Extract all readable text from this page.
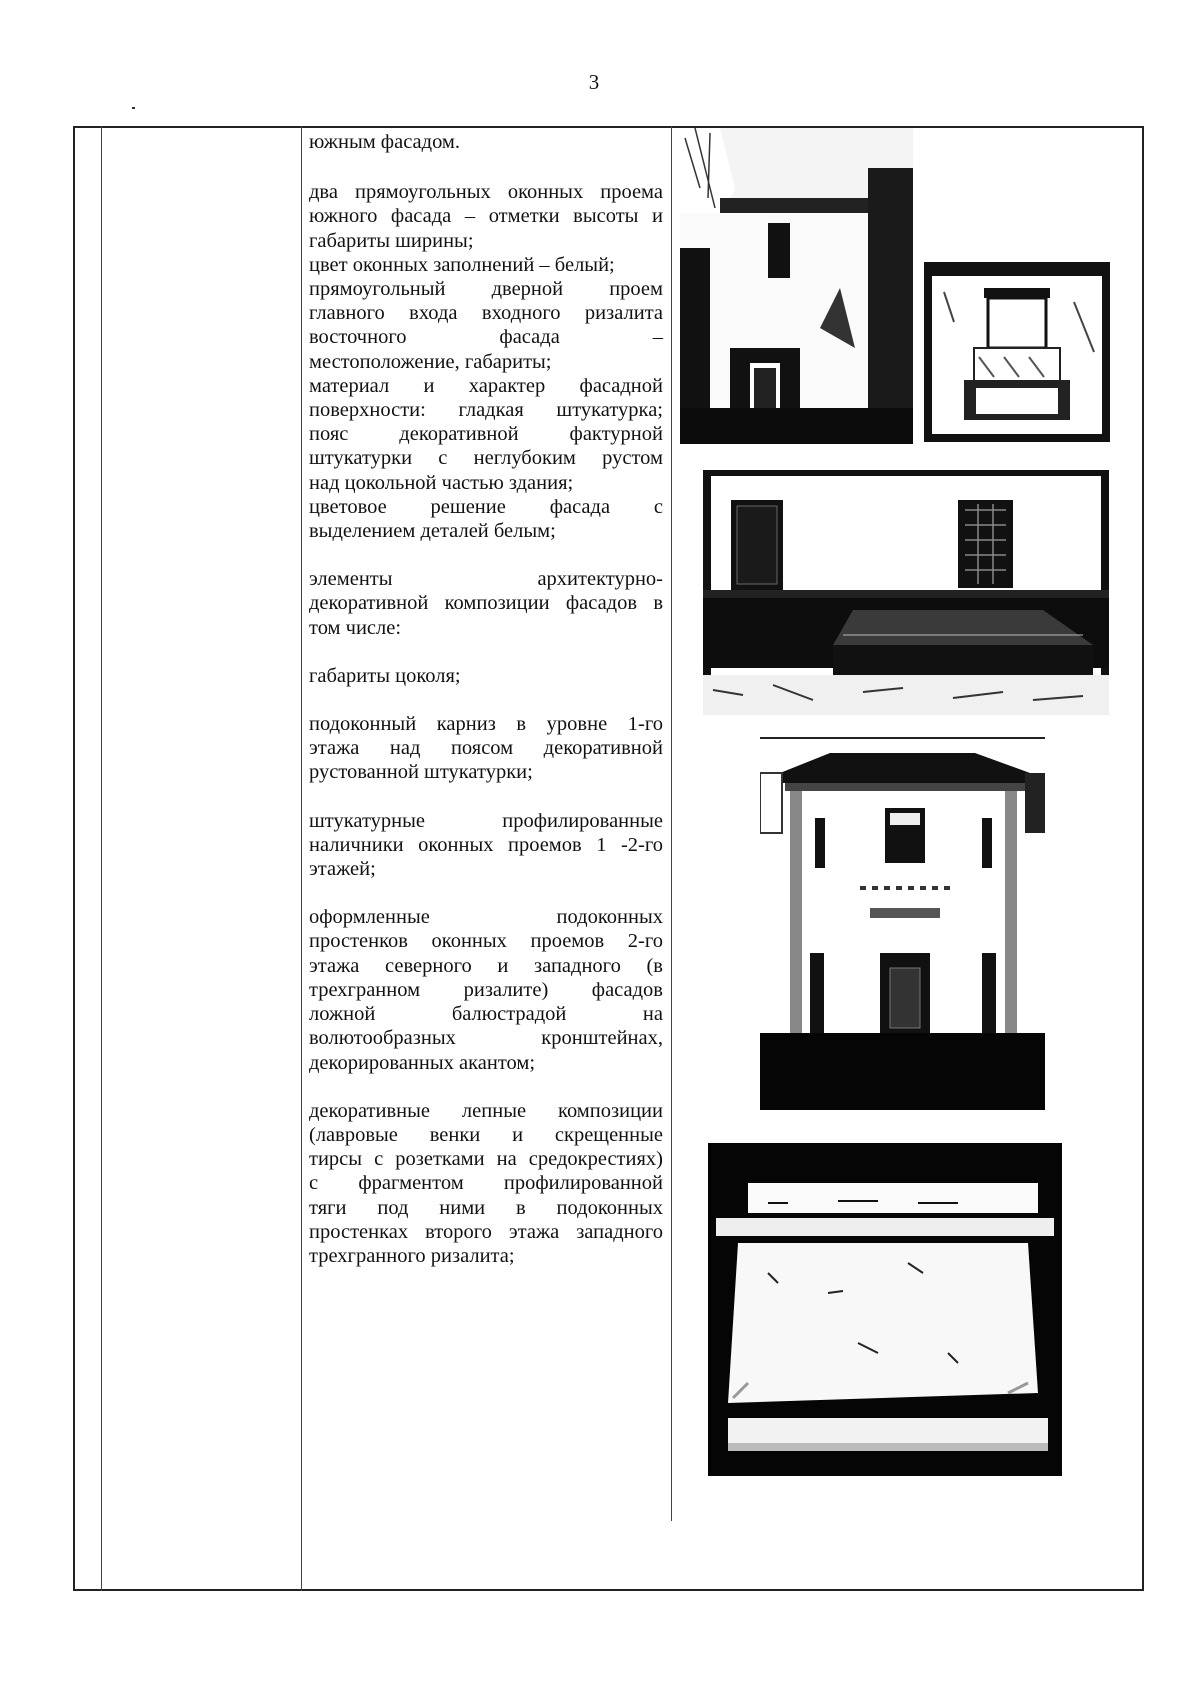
3
южным фасадом.
два прямоугольных оконных проема
южного фасада – отметки высоты и
габариты ширины;
цвет оконных заполнений – белый;
прямоугольный дверной проем
главного входа входного ризалита
восточного фасада –
местоположение, габариты;
материал и характер фасадной
поверхности: гладкая штукатурка;
пояс декоративной фактурной
штукатурки с неглубоким рустом
над цокольной частью здания;
цветовое решение фасада с
выделением деталей белым;
элементы архитектурно-
декоративной композиции фасадов в
том числе:
габариты цоколя;
подоконный карниз в уровне 1-го
этажа над поясом декоративной
рустованной штукатурки;
штукатурные профилированные
наличники оконных проемов 1 -2-го
этажей;
оформленные подоконных
простенков оконных проемов 2-го
этажа северного и западного (в
трехгранном ризалите) фасадов
ложной балюстрадой на
волютообразных кронштейнах,
декорированных акантом;
декоративные лепные композиции
(лавровые венки и скрещенные
тирсы с розетками на средокрестиях)
с фрагментом профилированной
тяги под ними в подоконных
простенках второго этажа западного
трехгранного ризалита;
